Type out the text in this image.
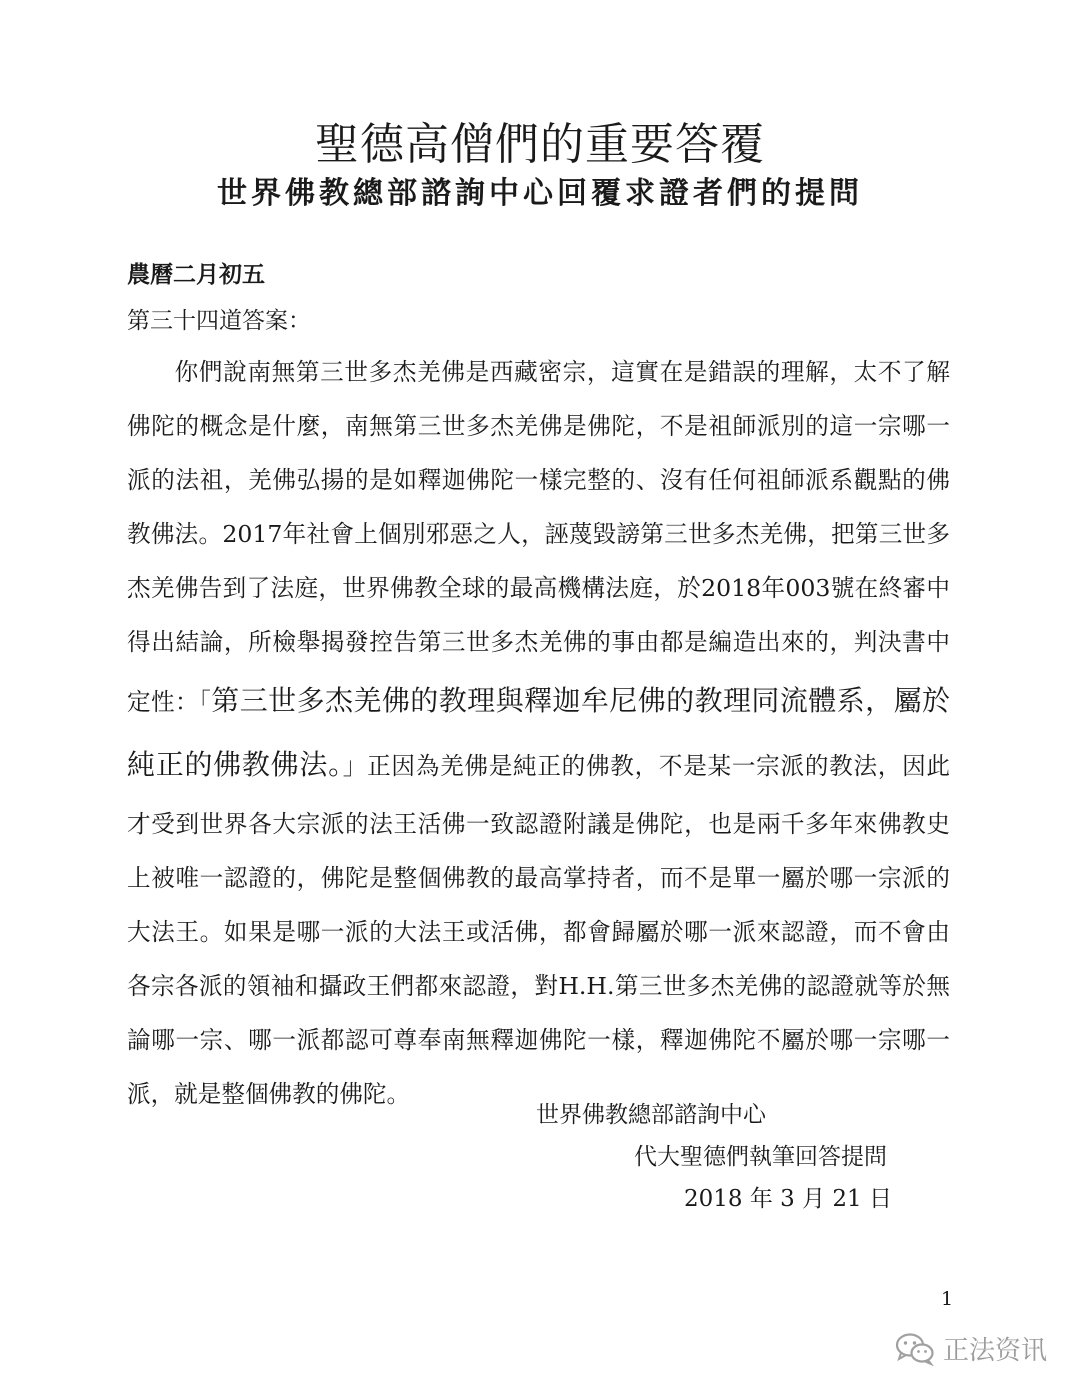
聖德高僧們的重要答覆
世界佛教總部諮詢中心回覆求證者們的提問
農曆二月初五
第三十四道答案：
你們說南無第三世多杰羌佛是西藏密宗，這實在是錯誤的理解，太不了解佛陀的概念是什麼，南無第三世多杰羌佛是佛陀，不是祖師派別的這一宗哪一派的法祖，羌佛弘揚的是如釋迦佛陀一樣完整的、沒有任何祖師派系觀點的佛教佛法。2017年社會上個別邪惡之人，誣蔑毀謗第三世多杰羌佛，把第三世多杰羌佛告到了法庭，世界佛教全球的最高機構法庭，於2018年003號在終審中得出結論，所檢舉揭發控告第三世多杰羌佛的事由都是編造出來的，判決書中定性：「第三世多杰羌佛的教理與釋迦牟尼佛的教理同流體系，屬於純正的佛教佛法。」正因為羌佛是純正的佛教，不是某一宗派的教法，因此才受到世界各大宗派的法王活佛一致認證附議是佛陀，也是兩千多年來佛教史上被唯一認證的，佛陀是整個佛教的最高掌持者，而不是單一屬於哪一宗派的大法王。如果是哪一派的大法王或活佛，都會歸屬於哪一派來認證，而不會由各宗各派的領袖和攝政王們都來認證，對H.H.第三世多杰羌佛的認證就等於無論哪一宗、哪一派都認可尊奉南無釋迦佛陀一樣，釋迦佛陀不屬於哪一宗哪一派，就是整個佛教的佛陀。
世界佛教總部諮詢中心
代大聖德們執筆回答提問
2018 年 3 月 21 日
1
正法资讯
